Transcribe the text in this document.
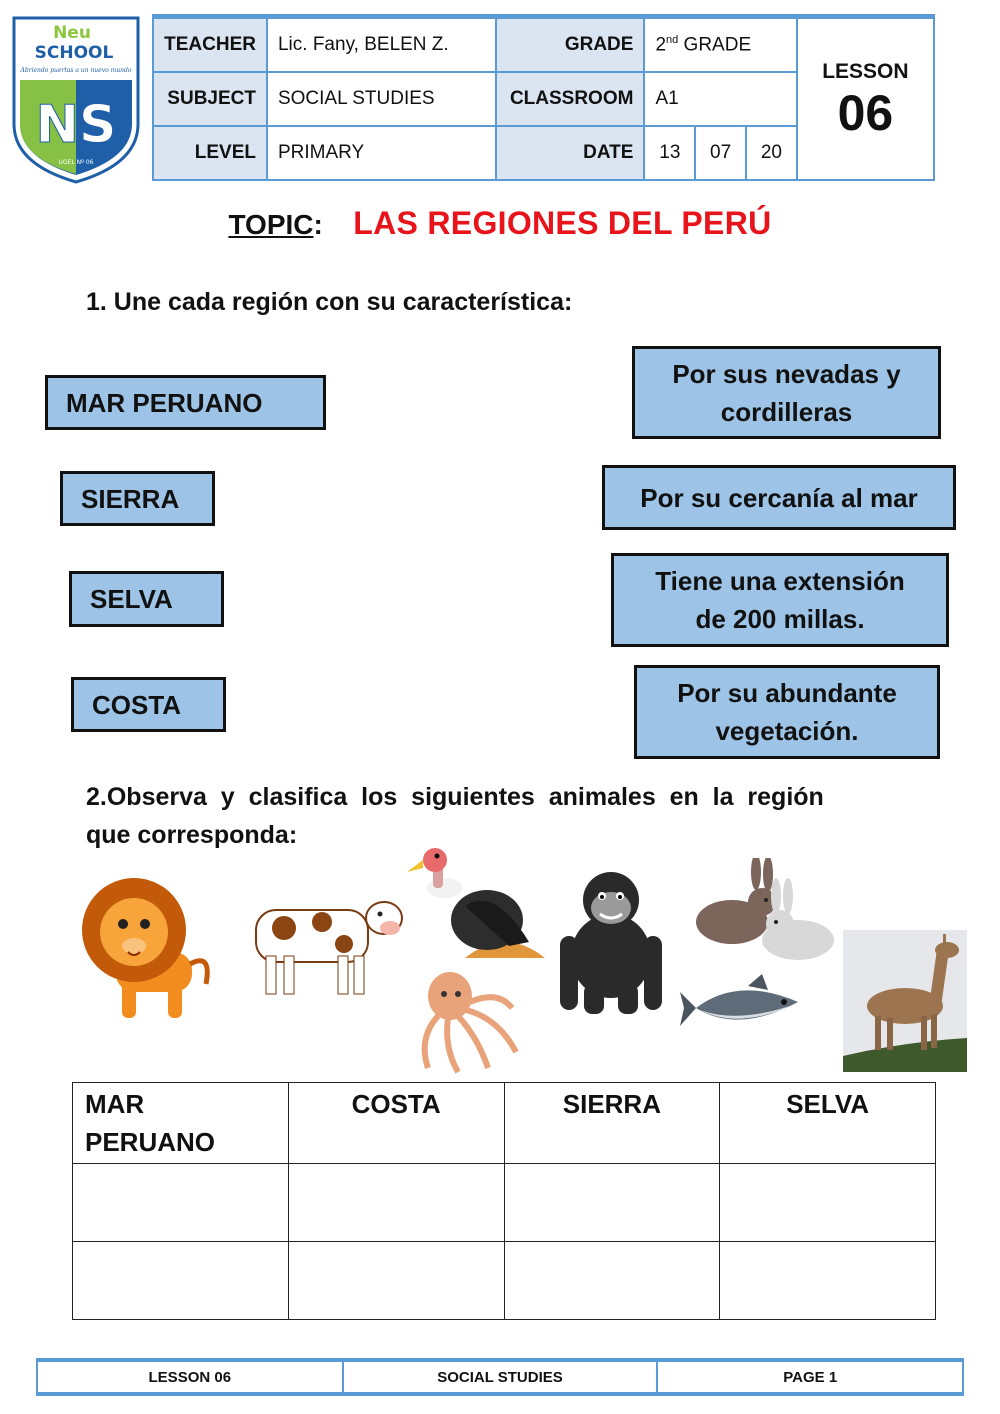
Neu
SCHOOL
Abriendo puertas a un nuevo mundo
NS
UGEL Nº 06
TEACHER	Lic. Fany, BELEN Z.	GRADE	2nd GRADE			LESSON
06

SUBJECT	SOCIAL STUDIES	CLASSROOM	A1			
LEVEL	PRIMARY	DATE	13	07	20	
TOPIC: LAS REGIONES DEL PERÚ
1. Une cada región con su característica:
MAR PERUANO
SIERRA
SELVA
COSTA
Por sus nevadas y
cordilleras
Por su cercanía al mar
Tiene una extensión
de 200 millas.
Por su abundante
vegetación.
2.Observa  y  clasifica  los  siguientes  animales  en  la  región
que corresponda:
MAR
PERUANO	COSTA	SIERRA	SELVA

LESSON 06	SOCIAL STUDIES	PAGE 1
